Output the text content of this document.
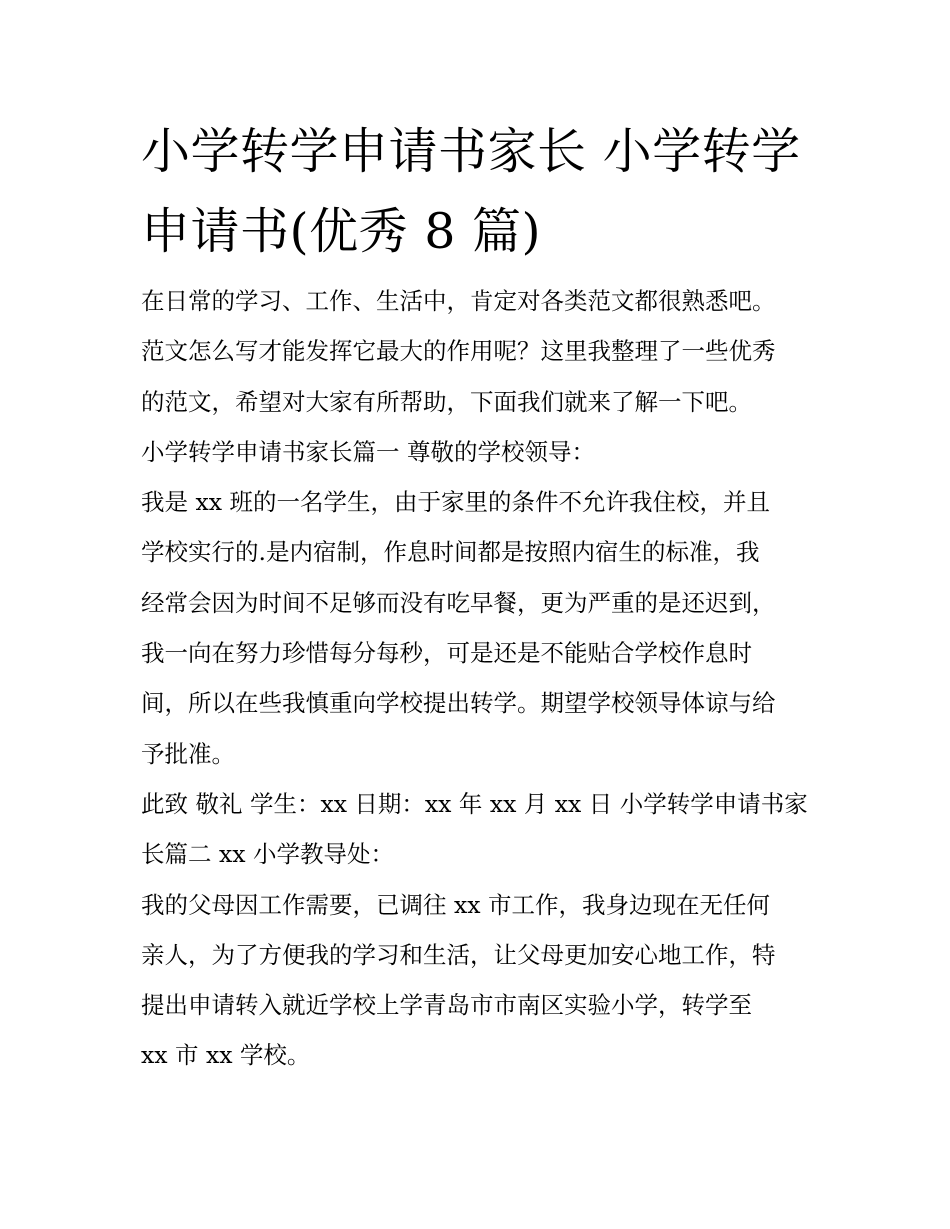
小学转学申请书家长 小学转学
申请书(优秀 8 篇)
在日常的学习、工作、生活中，肯定对各类范文都很熟悉吧。
范文怎么写才能发挥它最大的作用呢？这里我整理了一些优秀
的范文，希望对大家有所帮助，下面我们就来了解一下吧。
小学转学申请书家长篇一 尊敬的学校领导：
我是 xx 班的一名学生，由于家里的条件不允许我住校，并且
学校实行的.是内宿制，作息时间都是按照内宿生的标准，我
经常会因为时间不足够而没有吃早餐，更为严重的是还迟到，
我一向在努力珍惜每分每秒，可是还是不能贴合学校作息时
间，所以在些我慎重向学校提出转学。期望学校领导体谅与给
予批准。
此致 敬礼 学生：xx 日期：xx 年 xx 月 xx 日 小学转学申请书家
长篇二 xx 小学教导处：
我的父母因工作需要，已调往 xx 市工作，我身边现在无任何
亲人，为了方便我的学习和生活，让父母更加安心地工作，特
提出申请转入就近学校上学青岛市市南区实验小学，转学至
xx 市 xx 学校。
